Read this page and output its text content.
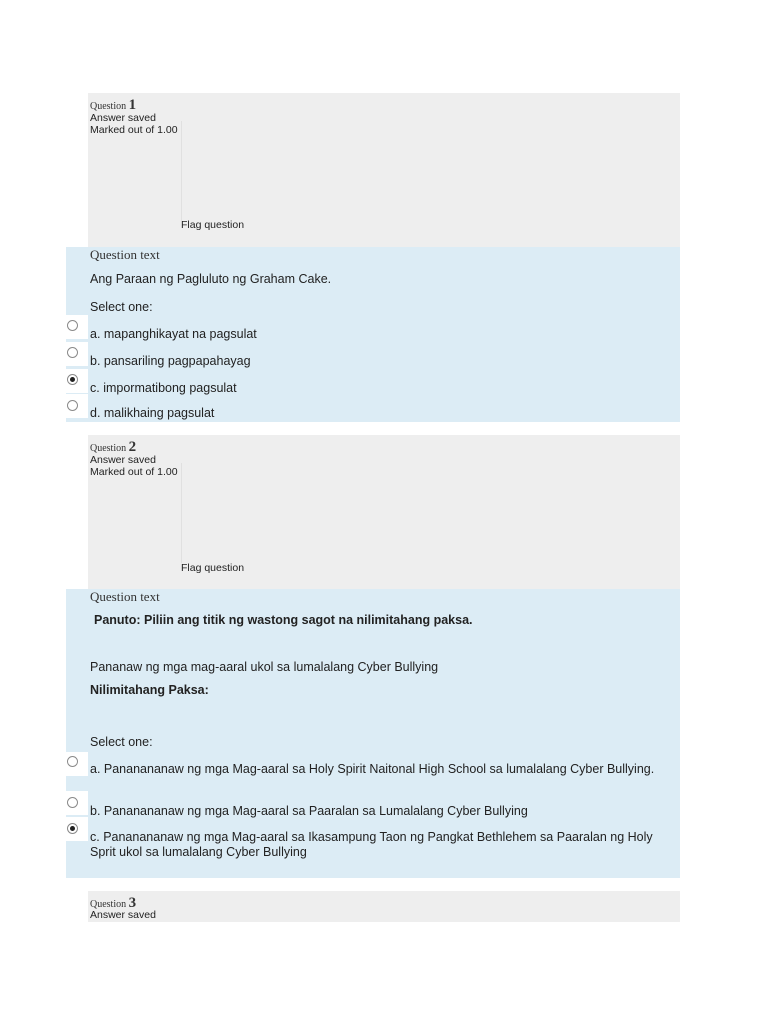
Question 1
Answer saved
Marked out of 1.00
Flag question
Question text
Ang Paraan ng Pagluluto ng Graham Cake.
Select one:
a. mapanghikayat na pagsulat
b. pansariling pagpapahayag
c. impormatibong pagsulat
d. malikhaing pagsulat
Question 2
Answer saved
Marked out of 1.00
Flag question
Question text
Panuto: Piliin ang titik ng wastong sagot na nilimitahang paksa.
Pananaw ng mga mag-aaral ukol sa lumalalang Cyber Bullying
Nilimitahang Paksa:
Select one:
a. Pananananaw ng mga Mag-aaral sa Holy Spirit Naitonal High School sa lumalalang Cyber Bullying.
b. Pananananaw ng mga Mag-aaral sa Paaralan sa Lumalalang Cyber Bullying
c. Pananananaw ng mga Mag-aaral sa Ikasampung Taon ng Pangkat Bethlehem sa Paaralan ng Holy Sprit ukol sa lumalalang Cyber Bullying
Question 3
Answer saved
